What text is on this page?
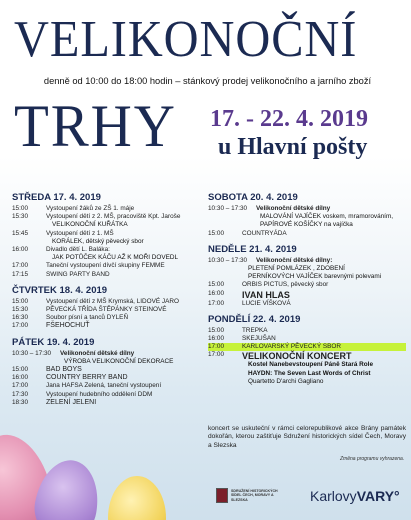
VELIKONOČNÍ
denně od 10:00 do 18:00 hodin – stánkový prodej velikonočního a jarního zboží
TRHY 17. - 22. 4. 2019
u Hlavní pošty
STŘEDA 17. 4. 2019
15:00	Vystoupení žáků ze ZŠ 1. máje
15:30	Vystoupení dětí z 2. MŠ, pracoviště Kpt. Jaroše
VELIKONOČNÍ KUŘÁTKA
15:45	Vystoupení dětí z 1. MŠ
KORÁLEK, dětský pěvecký sbor
16:00	Divadlo dětí L. Baláka:
JAK POTŮČEK KÁČU AŽ K MOŘI DOVEDL
17:00	Taneční vystoupení dívčí skupiny FEMME
17:15	SWING PARTY BAND
ČTVRTEK 18. 4. 2019
15:00	Vystoupení dětí z MŠ Krymská, LIDOVÉ JARO
15:30	PĚVECKÁ TŘÍDA ŠTĚPÁNKY STEINOVÉ
16:30	Soubor písní a tanců DYLEŇ
17:00	FŠEHOCHUŤ
PÁTEK 19. 4. 2019
10:30 – 17:30	Velikonoční dětské dílny
VÝROBA VELIKONOČNÍ DEKORACE
15:00	BAD BOYS
16:00	COUNTRY BERRY BAND
17:00	Jana HAFSA Zelená, taneční vystoupení
17:30	Vystoupení hudebního oddělení DDM
18:30	ZELENÍ JELENI
SOBOTA 20. 4. 2019
10:30 – 17:30	Velikonoční dětské dílny
MALOVÁNÍ VAJÍČEK voskem, mramorováním,
PAPÍROVÉ KOŠÍČKY na vajíčka
15:00	COUNTRYÁDA
NEDĚLE 21. 4. 2019
10:30 – 17:30	Velikonoční dětské dílny:
PLETENÍ POMLÁZEK , ZDOBENÍ
PERNÍKOVÝCH VAJÍČEK barevnými polevami
15:00	ORBIS PICTUS, pěvecký sbor
16:00	IVAN HLAS
17:00	LUCIE VÍŠKOVÁ
PONDĚLÍ 22. 4. 2019
15:00	TREPKA
16:00	SKEJUŠAN
17:00	KARLOVARSKÝ PĚVECKÝ SBOR
17:00	VELIKONOČNÍ KONCERT
Kostel Nanebevstoupení Páně Stará Role
HAYDN: The Seven Last Words of Christ
Quartetto D'archi Gagliano
koncert se uskuteční v rámci celorepublikové akce Brány památek dokořán, kterou zaštiťuje Sdružení historických sídel Čech, Moravy a Slezska
Změna programu vyhrazena.
SDRUŽENÍ HISTORICKÝCH SÍDEL ČECH, MORAVY A SLEZSKA	KarlovyVARY°
